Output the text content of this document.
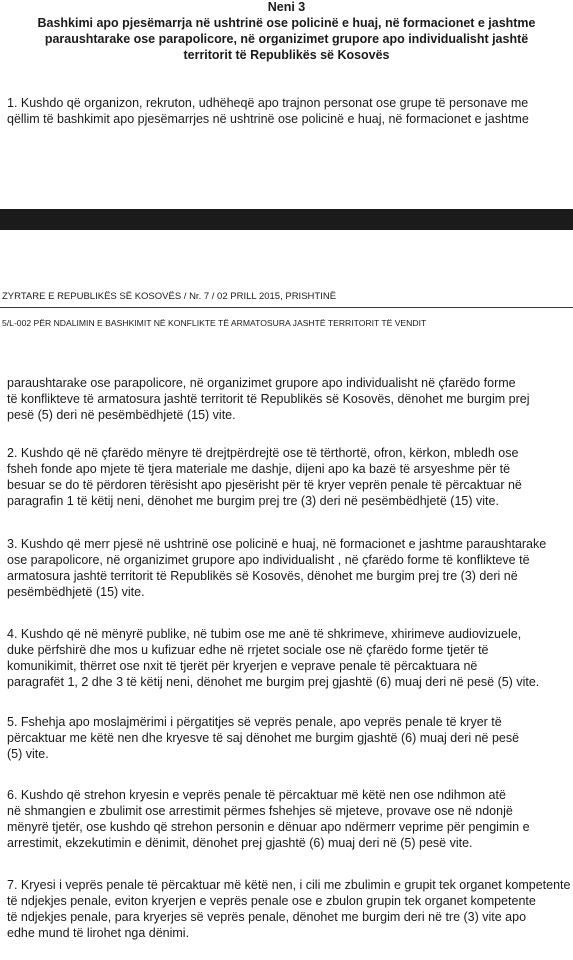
Neni 3
Bashkimi apo pjesëmarrja në ushtrinë ose policinë e huaj, në formacionet e jashtme
paraushtarake ose parapolicore, në organizimet grupore apo individualisht jashtë
territorit të Republikës së Kosovës
1. Kushdo që organizon, rekruton, udhëheqë apo trajnon personat ose grupe të personave me
qëllim të bashkimit apo pjesëmarrjes në ushtrinë ose policinë e huaj, në formacionet e jashtme
ZYRTARE E REPUBLIKËS SË KOSOVËS / Nr. 7 / 02 PRILL 2015, PRISHTINË
5/L-002 PËR NDALIMIN E BASHKIMIT NË KONFLIKTE TË ARMATOSURA JASHTË TERRITORIT TË VENDIT
paraushtarake ose parapolicore, në organizimet grupore apo individualisht në çfarëdo forme
të konflikteve të armatosura jashtë territorit të Republikës së Kosovës, dënohet me burgim prej
pesë (5) deri në pesëmbëdhjetë (15) vite.
2. Kushdo që në çfarëdo mënyre të drejtpërdrejtë ose të tërthortë, ofron, kërkon, mbledh ose
fsheh fonde apo mjete të tjera materiale me dashje, dijeni apo ka bazë të arsyeshme për të
besuar se do të përdoren tërësisht apo pjesërisht për të kryer veprën penale të përcaktuar në
paragrafin 1 të këtij neni, dënohet me burgim prej tre (3) deri në pesëmbëdhjetë (15) vite.
3. Kushdo që merr pjesë në ushtrinë ose policinë e huaj, në formacionet e jashtme paraushtarake
ose parapolicore, në organizimet grupore apo individualisht , në çfarëdo forme të konflikteve të
armatosura jashtë territorit të Republikës së Kosovës, dënohet me burgim prej tre (3) deri në
pesëmbëdhjetë (15) vite.
4. Kushdo që në mënyrë publike, në tubim ose me anë të shkrimeve, xhirimeve audiovizuele,
duke përfshirë dhe mos u kufizuar edhe në rrjetet sociale ose në çfarëdo forme tjetër të
komunikimit, thërret ose nxit të tjerët për kryerjen e veprave penale të përcaktuara në
paragrafët 1, 2 dhe 3 të këtij neni, dënohet me burgim prej gjashtë (6) muaj deri në pesë (5) vite.
5. Fshehja apo moslajmërimi i përgatitjes së veprës penale, apo veprës penale të kryer të
përcaktuar me këtë nen dhe kryesve të saj dënohet me burgim gjashtë (6) muaj deri në pesë
(5) vite.
6. Kushdo që strehon kryesin e veprës penale të përcaktuar më këtë nen ose ndihmon atë
në shmangien e zbulimit ose arrestimit përmes fshehjes së mjeteve, provave ose në ndonjë
mënyrë tjetër, ose kushdo që strehon personin e dënuar apo ndërmerr veprime për pengimin e
arrestimit, ekzekutimin e dënimit, dënohet prej gjashtë (6) muaj deri në (5) pesë vite.
7. Kryesi i veprës penale të përcaktuar më këtë nen, i cili me zbulimin e grupit tek organet kompetente
të ndjekjes penale, eviton kryerjen e veprës penale ose e zbulon grupin tek organet kompetente
të ndjekjes penale, para kryerjes së veprës penale, dënohet me burgim deri në tre (3) vite apo
edhe mund të lirohet nga dënimi.
